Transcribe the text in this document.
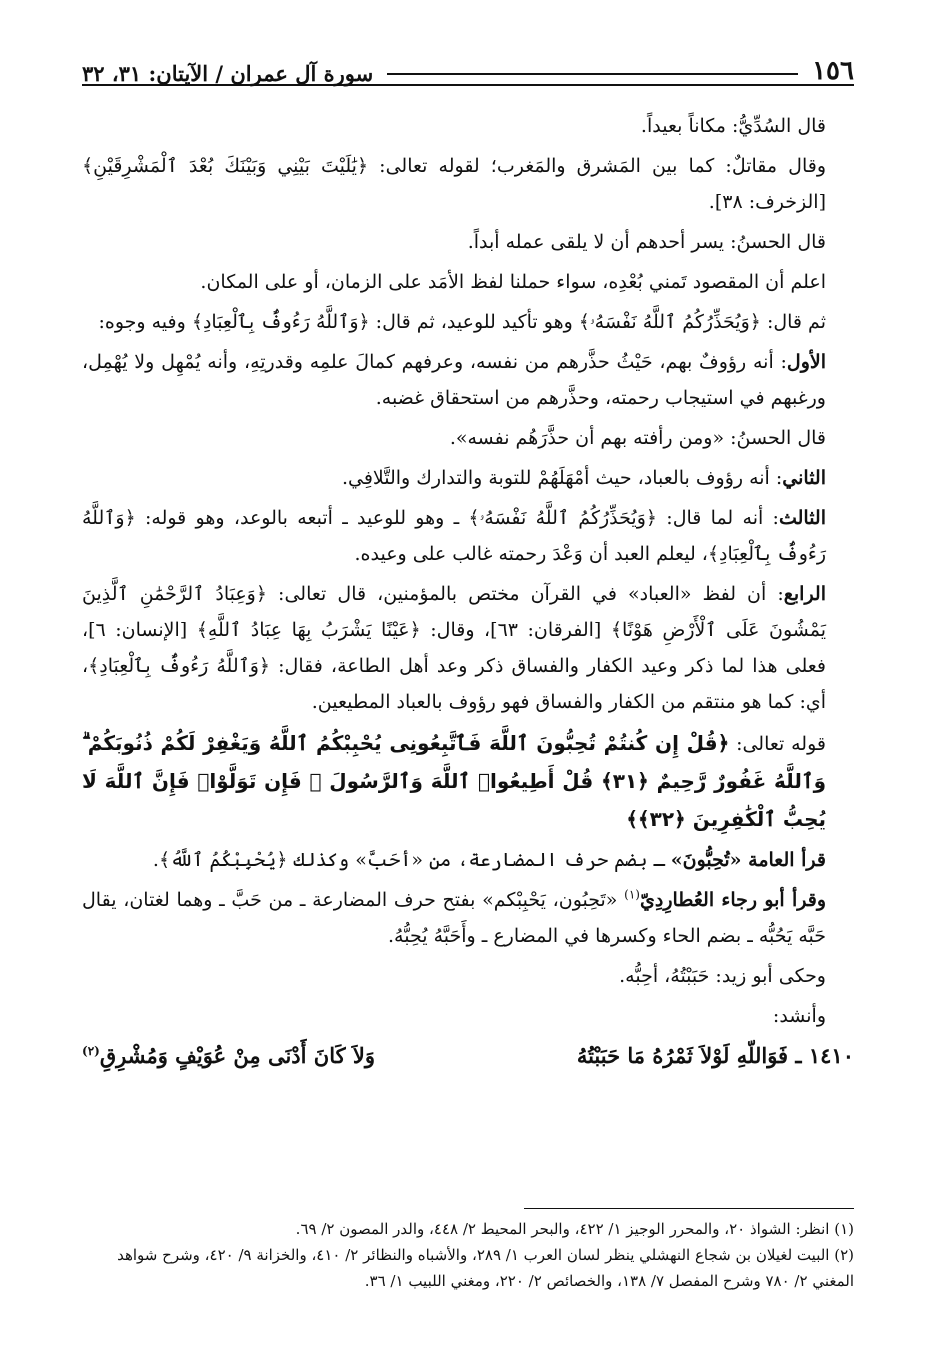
١٥٦
سورة آل عمران / الآيتان: ٣١، ٣٢

قال السُدِّيُّ: مكاناً بعيداً.

وقال مقاتلٌ: كما بين المَشرق والمَغرب؛ لقوله تعالى: ﴿يَٰلَيْتَ بَيْنِي وَبَيْنَكَ بُعْدَ ٱلْمَشْرِقَيْنِ﴾ [الزخرف: ٣٨].

قال الحسنُ: يسر أحدهم أن لا يلقى عمله أبداً.

اعلم أن المقصود تَمني بُعْدِه، سواء حملنا لفظ الأمَد على الزمان، أو على المكان.

ثم قال: ﴿وَيُحَذِّرُكُمُ ٱللَّهُ نَفْسَهُۥ﴾ وهو تأكيد للوعيد، ثم قال: ﴿وَٱللَّهُ رَءُوفٌۢ بِٱلْعِبَادِ﴾ وفيه وجوه:

الأول: أنه رؤوفٌ بهم، حَيْثُ حذَّرهم من نفسه، وعرفهم كمالَ علمِه وقدرتِهِ، وأنه يُمْهِل ولا يُهْمِل، ورغبهم في استيجاب رحمته، وحذَّرهم من استحقاق غضبه.

قال الحسنُ: «ومن رأفته بهم أن حذَّرَهُم نفسه».

الثاني: أنه رؤوف بالعباد، حيث أمْهَلَهُمْ للتوبة والتدارك والتَّلافِي.

الثالث: أنه لما قال: ﴿وَيُحَذِّرُكُمُ ٱللَّهُ نَفْسَهُۥ﴾ ـ وهو للوعيد ـ أتبعه بالوعد، وهو قوله: ﴿وَٱللَّهُ رَءُوفٌۢ بِٱلْعِبَادِ﴾، ليعلم العبد أن وَعْدَ رحمته غالب على وعيده.

الرابع: أن لفظ «العباد» في القرآن مختص بالمؤمنين، قال تعالى: ﴿وَعِبَادُ ٱلرَّحْمَٰنِ ٱلَّذِينَ يَمْشُونَ عَلَى ٱلْأَرْضِ هَوْنًا﴾ [الفرقان: ٦٣]، وقال: ﴿عَيْنًا يَشْرَبُ بِهَا عِبَادُ ٱللَّهِ﴾ [الإنسان: ٦]، فعلى هذا لما ذكر وعيد الكفار والفساق ذكر وعد أهل الطاعة، فقال: ﴿وَٱللَّهُ رَءُوفٌۢ بِٱلْعِبَادِ﴾، أي: كما هو منتقم من الكفار والفساق فهو رؤوف بالعباد المطيعين.

قوله تعالى: ﴿قُلْ إِن كُنتُمْ تُحِبُّونَ ٱللَّهَ فَٱتَّبِعُونِى يُحْبِبْكُمُ ٱللَّهُ وَيَغْفِرْ لَكُمْ ذُنُوبَكُمْ ۗ وَٱللَّهُ غَفُورٌ رَّحِيمٌ ﴿٣١﴾ قُلْ أَطِيعُوا۟ ٱللَّهَ وَٱلرَّسُولَ ۖ فَإِن تَوَلَّوْا۟ فَإِنَّ ٱللَّهَ لَا يُحِبُّ ٱلْكَٰفِرِينَ ﴿٣٢﴾﴾

قرأ العامة «تُحِبُّونَ» ـ بضم حرف المضارعة، من «أحَبَّ» وكذلك ﴿يُحْبِبْكُمُ ٱللَّهُ﴾.

وقرأ أبو رجاء العُطارِدِيّ$^{(١)}$ «تَحِبُون، يَحْبِبْكم» بفتح حرف المضارعة ـ من حَبَّ ـ وهما لغتان، يقال حَبَّه يَحُبُّه ـ بضم الحاء وكسرها في المضارع ـ وأَحَبَّهُ يُحِبُّهُ.

وحكى أبو زيد: حَبَبْتُهُ، أحِبُّه.

وأنشد:

١٤١٠ ـ فَوَاللّهِ لَوْلاَ ثَمْرُهُ مَا حَبَبْتُهُ
وَلاَ كَانَ أَدْنَى مِنْ عُوَيْفٍ وَمُشْرِقِ$^{(٢)}$

(١) انظر: الشواذ ٢٠، والمحرر الوجيز ١/ ٤٢٢، والبحر المحيط ٢/ ٤٤٨، والدر المصون ٢/ ٦٩.

(٢) البيت لغيلان بن شجاع النهشلي ينظر لسان العرب ١/ ٢٨٩، والأشباه والنظائر ٢/ ٤١٠، والخزانة ٩/ ٤٢٠، وشرح شواهد المغني ٢/ ٧٨٠ وشرح المفصل ٧/ ١٣٨، والخصائص ٢/ ٢٢٠، ومغني اللبيب ١/ ٣٦.
